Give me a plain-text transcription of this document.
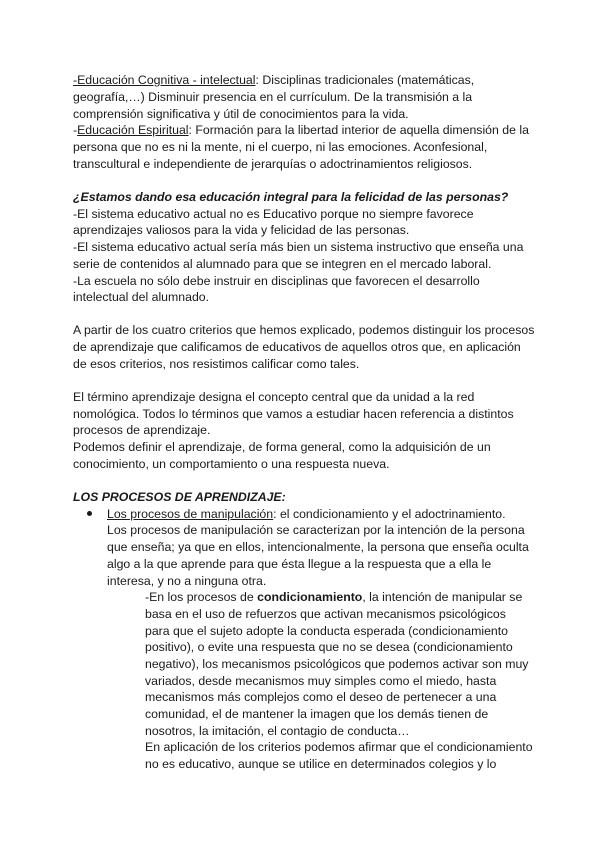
-Educación Cognitiva - intelectual: Disciplinas tradicionales (matemáticas,
geografía,…) Disminuir presencia en el currículum. De la transmisión a la
comprensión significativa y útil de conocimientos para la vida.
-Educación Espiritual: Formación para la libertad interior de aquella dimensión de la
persona que no es ni la mente, ni el cuerpo, ni las emociones. Aconfesional,
transcultural e independiente de jerarquías o adoctrinamientos religiosos.
¿Estamos dando esa educación integral para la felicidad de las personas?
-El sistema educativo actual no es Educativo porque no siempre favorece
aprendizajes valiosos para la vida y felicidad de las personas.
-El sistema educativo actual sería más bien un sistema instructivo que enseña una
serie de contenidos al alumnado para que se integren en el mercado laboral.
-La escuela no sólo debe instruir en disciplinas que favorecen el desarrollo
intelectual del alumnado.
A partir de los cuatro criterios que hemos explicado, podemos distinguir los procesos
de aprendizaje que calificamos de educativos de aquellos otros que, en aplicación
de esos criterios, nos resistimos calificar como tales.
El término aprendizaje designa el concepto central que da unidad a la red
nomológica. Todos lo términos que vamos a estudiar hacen referencia a distintos
procesos de aprendizaje.
Podemos definir el aprendizaje, de forma general, como la adquisición de un
conocimiento, un comportamiento o una respuesta nueva.
LOS PROCESOS DE APRENDIZAJE:
Los procesos de manipulación: el condicionamiento y el adoctrinamiento.
Los procesos de manipulación se caracterizan por la intención de la persona
que enseña; ya que en ellos, intencionalmente, la persona que enseña oculta
algo a la que aprende para que ésta llegue a la respuesta que a ella le
interesa, y no a ninguna otra.
-En los procesos de condicionamiento, la intención de manipular se
basa en el uso de refuerzos que activan mecanismos psicológicos
para que el sujeto adopte la conducta esperada (condicionamiento
positivo), o evite una respuesta que no se desea (condicionamiento
negativo), los mecanismos psicológicos que podemos activar son muy
variados, desde mecanismos muy simples como el miedo, hasta
mecanismos más complejos como el deseo de pertenecer a una
comunidad, el de mantener la imagen que los demás tienen de
nosotros, la imitación, el contagio de conducta…
En aplicación de los criterios podemos afirmar que el condicionamiento
no es educativo, aunque se utilice en determinados colegios y lo
